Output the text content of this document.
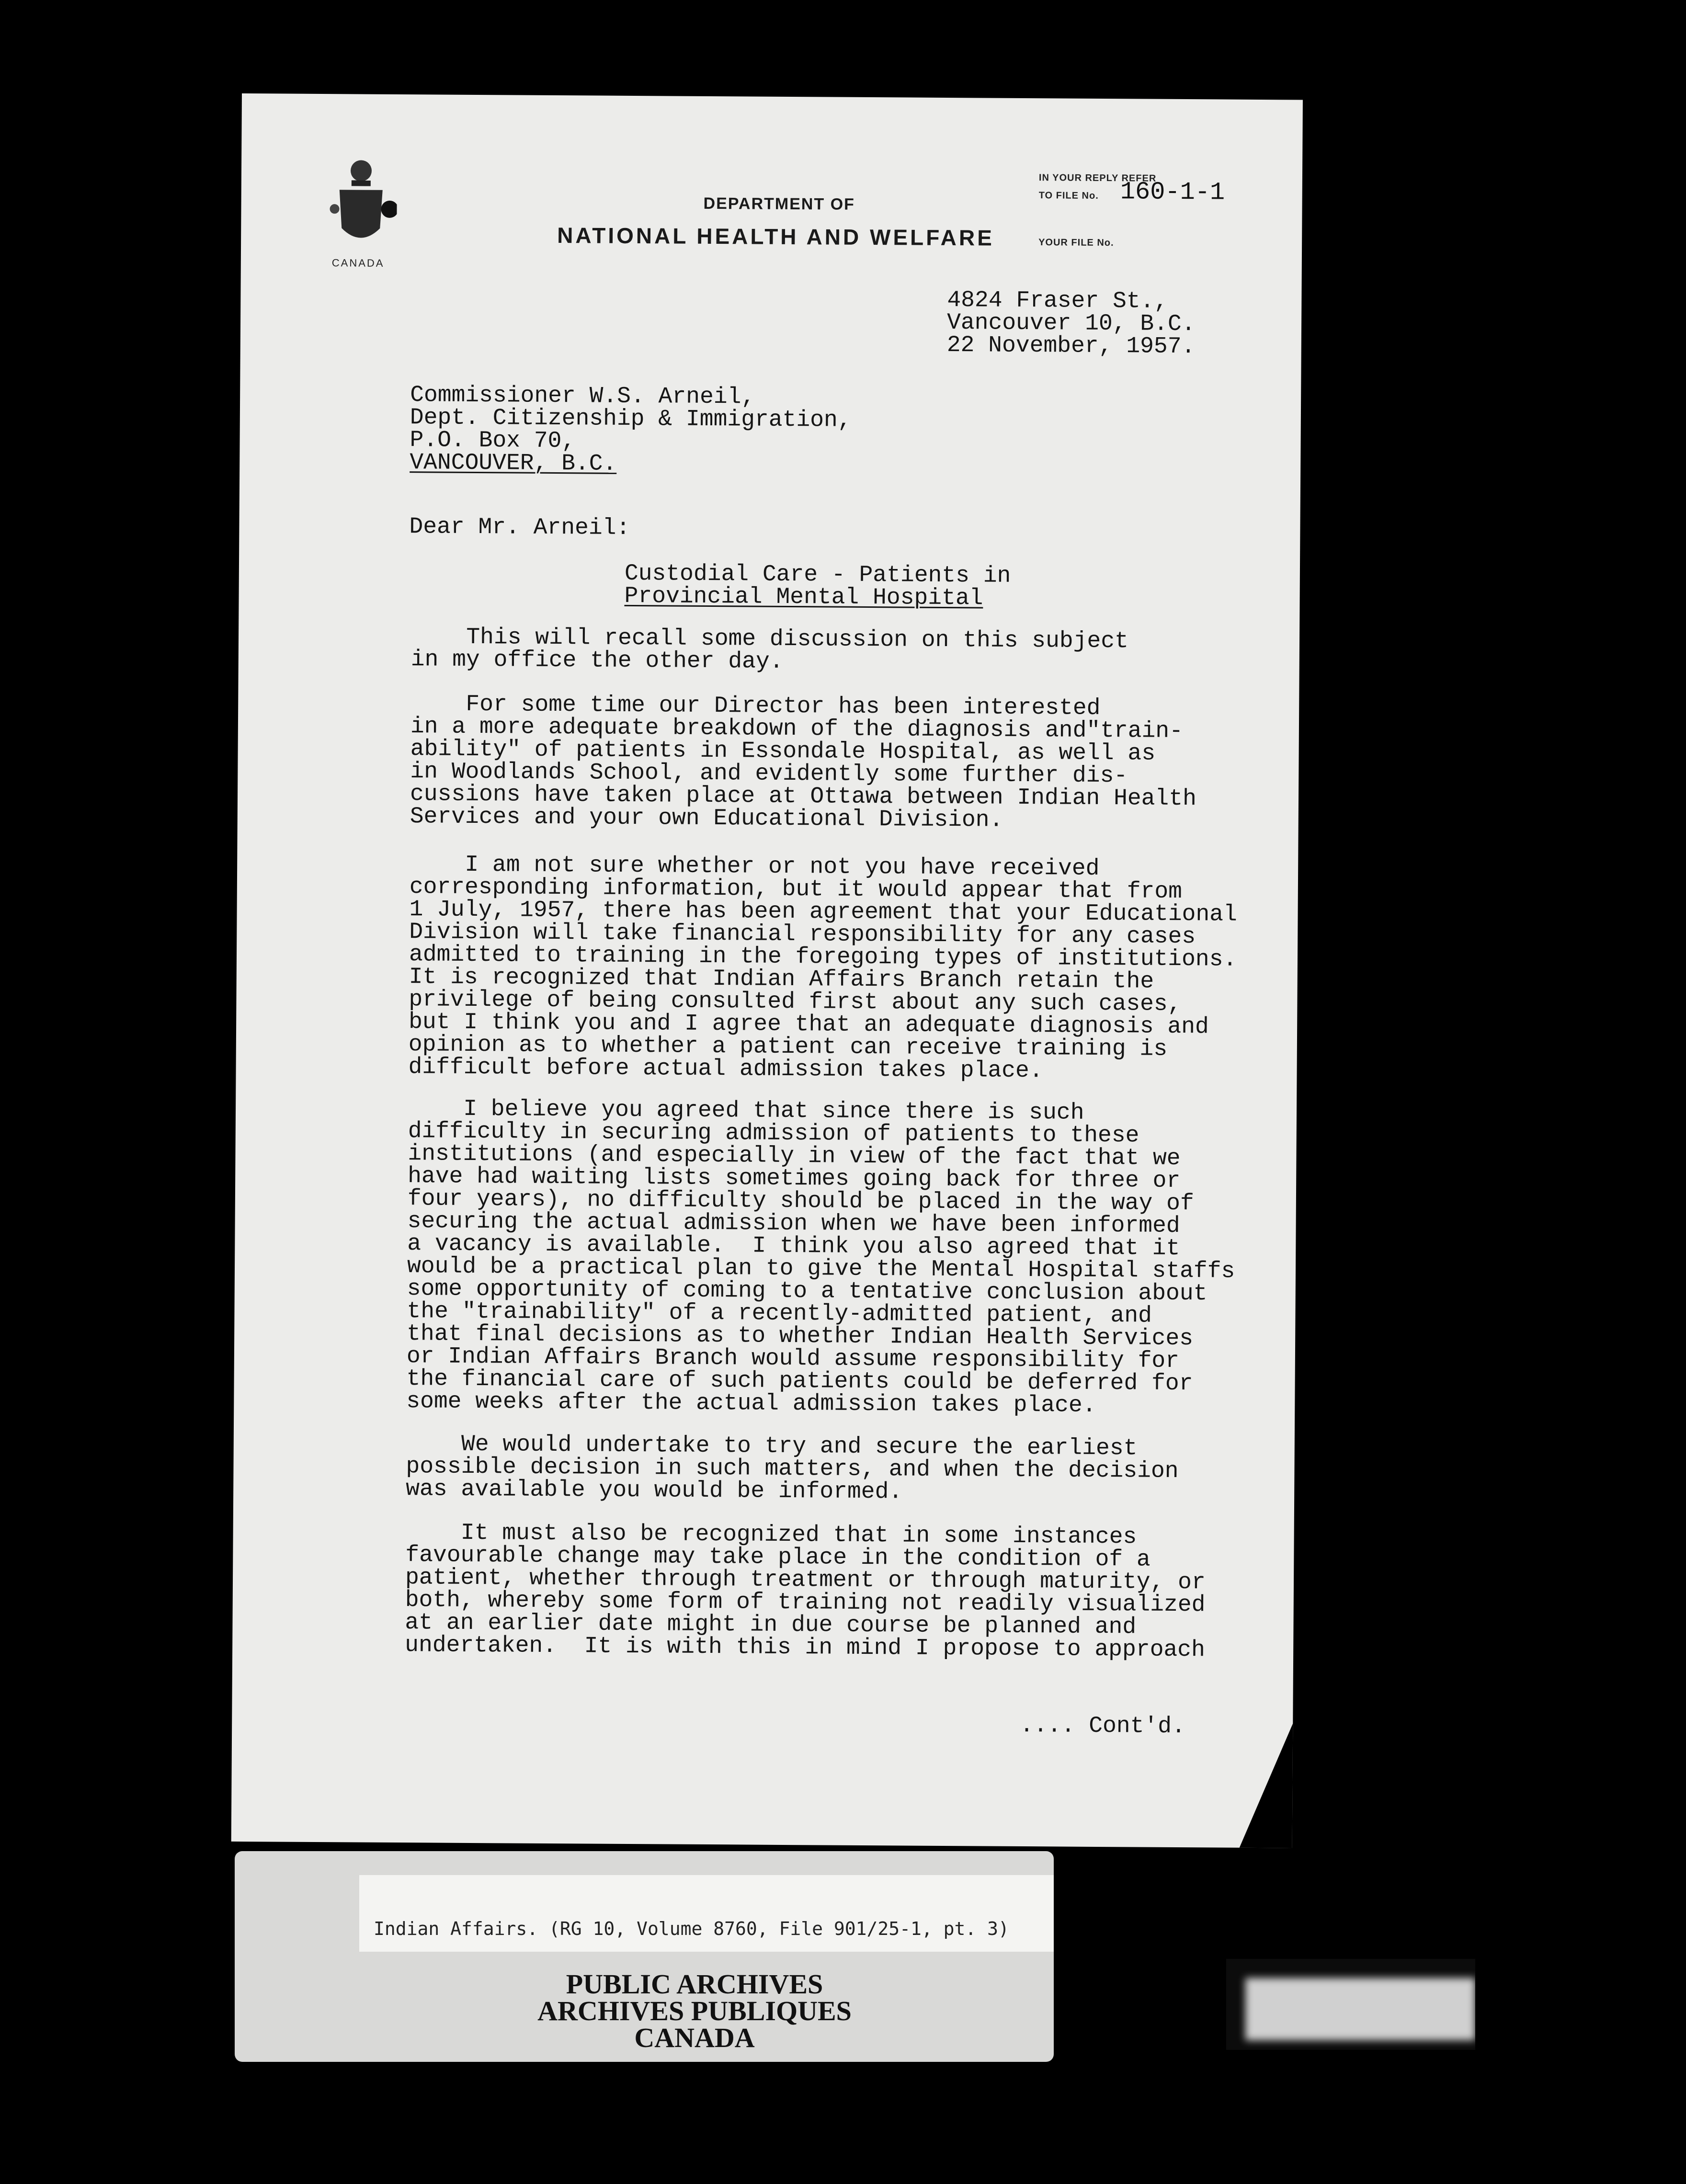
CANADA
DEPARTMENT OF
NATIONAL HEALTH AND WELFARE
IN YOUR REPLY REFER
TO FILE No. 160-1-1
YOUR FILE No.
4824 Fraser St.,
Vancouver 10, B.C.
22 November, 1957.
Commissioner W.S. Arneil,
Dept. Citizenship & Immigration,
P.O. Box 70,
VANCOUVER, B.C.
Dear Mr. Arneil:
Custodial Care - Patients in
Provincial Mental Hospital
This will recall some discussion on this subject
in my office the other day.
For some time our Director has been interested
in a more adequate breakdown of the diagnosis and"train-
ability" of patients in Essondale Hospital, as well as
in Woodlands School, and evidently some further dis-
cussions have taken place at Ottawa between Indian Health
Services and your own Educational Division.
I am not sure whether or not you have received
corresponding information, but it would appear that from
1 July, 1957, there has been agreement that your Educational
Division will take financial responsibility for any cases
admitted to training in the foregoing types of institutions.
It is recognized that Indian Affairs Branch retain the
privilege of being consulted first about any such cases,
but I think you and I agree that an adequate diagnosis and
opinion as to whether a patient can receive training is
difficult before actual admission takes place.
I believe you agreed that since there is such
difficulty in securing admission of patients to these
institutions (and especially in view of the fact that we
have had waiting lists sometimes going back for three or
four years), no difficulty should be placed in the way of
securing the actual admission when we have been informed
a vacancy is available.  I think you also agreed that it
would be a practical plan to give the Mental Hospital staffs
some opportunity of coming to a tentative conclusion about
the "trainability" of a recently-admitted patient, and
that final decisions as to whether Indian Health Services
or Indian Affairs Branch would assume responsibility for
the financial care of such patients could be deferred for
some weeks after the actual admission takes place.
We would undertake to try and secure the earliest
possible decision in such matters, and when the decision
was available you would be informed.
It must also be recognized that in some instances
favourable change may take place in the condition of a
patient, whether through treatment or through maturity, or
both, whereby some form of training not readily visualized
at an earlier date might in due course be planned and
undertaken.  It is with this in mind I propose to approach
.... Cont'd.
Indian Affairs. (RG 10, Volume 8760, File 901/25-1, pt. 3)
PUBLIC ARCHIVES
ARCHIVES PUBLIQUES
CANADA
